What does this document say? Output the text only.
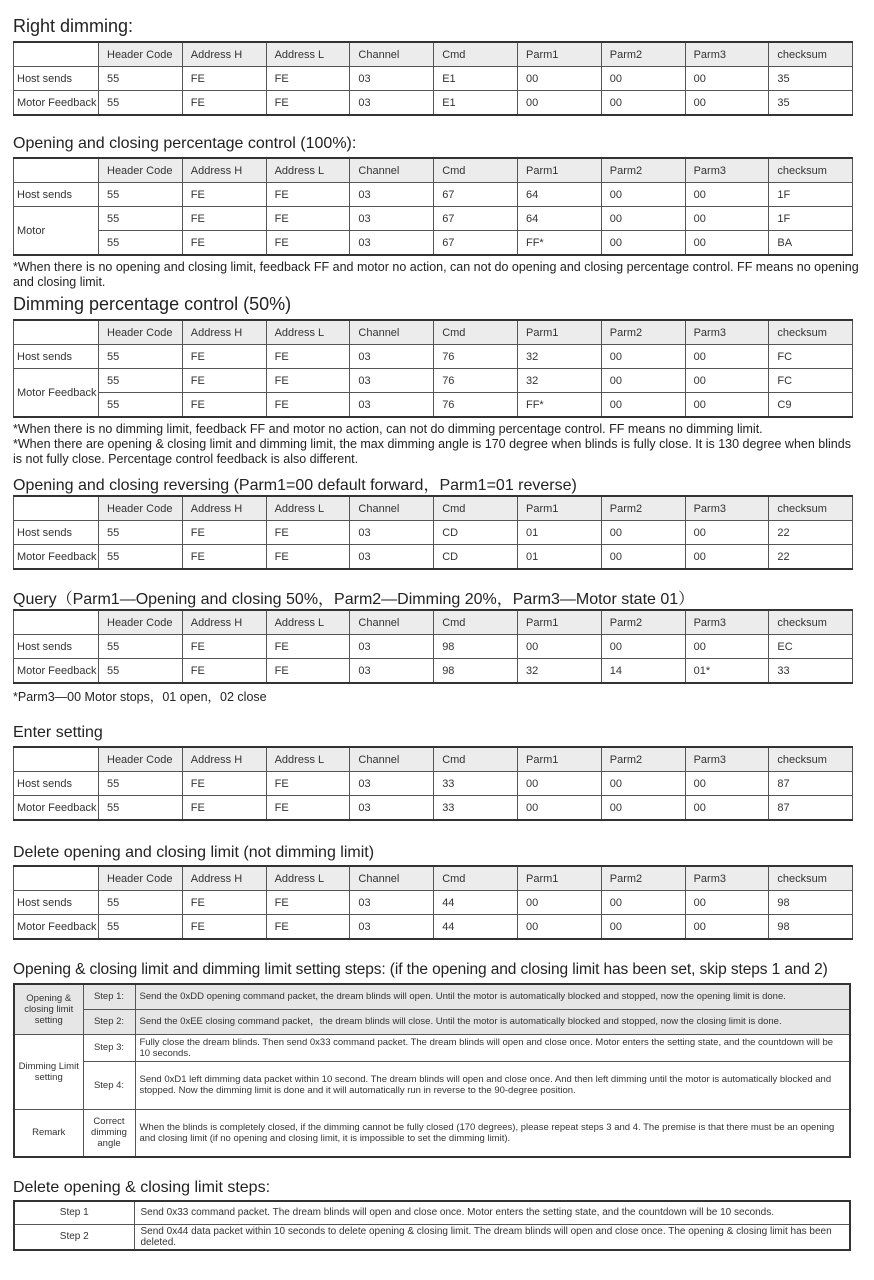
Right dimming:
	Header Code	Address H	Address L	Channel	Cmd	Parm1	Parm2	Parm3	checksum
Host sends	55	FE	FE	03	E1	00	00	00	35
Motor Feedback	55	FE	FE	03	E1	00	00	00	35
Opening and closing percentage control (100%):
	Header Code	Address H	Address L	Channel	Cmd	Parm1	Parm2	Parm3	checksum
Host sends	55	FE	FE	03	67	64	00	00	1F
Motor	55	FE	FE	03	67	64	00	00	1F
	55	FE	FE	03	67	FF*	00	00	BA
*When there is no opening and closing limit, feedback FF and motor no action, can not do opening and closing percentage control. FF means no opening and closing limit.
Dimming percentage control (50%)
	Header Code	Address H	Address L	Channel	Cmd	Parm1	Parm2	Parm3	checksum
Host sends	55	FE	FE	03	76	32	00	00	FC
Motor Feedback	55	FE	FE	03	76	32	00	00	FC
	55	FE	FE	03	76	FF*	00	00	C9
*When there is no dimming limit, feedback FF and motor no action, can not do dimming percentage control. FF means no dimming limit.
*When there are opening & closing limit and dimming limit, the max dimming angle is 170 degree when blinds is fully close. It is 130 degree when blinds is not fully close. Percentage control feedback is also different.
Opening and closing reversing (Parm1=00 default forward，Parm1=01 reverse)
	Header Code	Address H	Address L	Channel	Cmd	Parm1	Parm2	Parm3	checksum
Host sends	55	FE	FE	03	CD	01	00	00	22
Motor Feedback	55	FE	FE	03	CD	01	00	00	22
Query（Parm1—Opening and closing 50%，Parm2—Dimming 20%，Parm3—Motor state 01）
	Header Code	Address H	Address L	Channel	Cmd	Parm1	Parm2	Parm3	checksum
Host sends	55	FE	FE	03	98	00	00	00	EC
Motor Feedback	55	FE	FE	03	98	32	14	01*	33
*Parm3—00 Motor stops，01 open，02 close
Enter setting
	Header Code	Address H	Address L	Channel	Cmd	Parm1	Parm2	Parm3	checksum
Host sends	55	FE	FE	03	33	00	00	00	87
Motor Feedback	55	FE	FE	03	33	00	00	00	87
Delete opening and closing limit (not dimming limit)
	Header Code	Address H	Address L	Channel	Cmd	Parm1	Parm2	Parm3	checksum
Host sends	55	FE	FE	03	44	00	00	00	98
Motor Feedback	55	FE	FE	03	44	00	00	00	98
Opening & closing limit and dimming limit setting steps: (if the opening and closing limit has been set, skip steps 1 and 2)
Opening & closing limit setting	Step 1:	Send the 0xDD opening command packet, the dream blinds will open. Until the motor is automatically blocked and stopped, now the opening limit is done.
	Step 2:	Send the 0xEE closing command packet，the dream blinds will close. Until the motor is automatically blocked and stopped, now the closing limit is done.
Dimming Limit setting	Step 3:	Fully close the dream blinds. Then send 0x33 command packet. The dream blinds will open and close once. Motor enters the setting state, and the countdown will be 10 seconds.
	Step 4:	Send 0xD1 left dimming data packet within 10 second. The dream blinds will open and close once. And then left dimming until the motor is automatically blocked and stopped. Now the dimming limit is done and it will automatically run in reverse to the 90-degree position.
Remark	Correct dimming angle	When the blinds is completely closed, if the dimming cannot be fully closed (170 degrees), please repeat steps 3 and 4. The premise is that there must be an opening and closing limit (if no opening and closing limit, it is impossible to set the dimming limit).
Delete opening & closing limit steps:
Step 1	Send 0x33 command packet. The dream blinds will open and close once. Motor enters the setting state, and the countdown will be 10 seconds.
Step 2	Send 0x44 data packet within 10 seconds to delete opening & closing limit. The dream blinds will open and close once. The opening & closing limit has been deleted.
